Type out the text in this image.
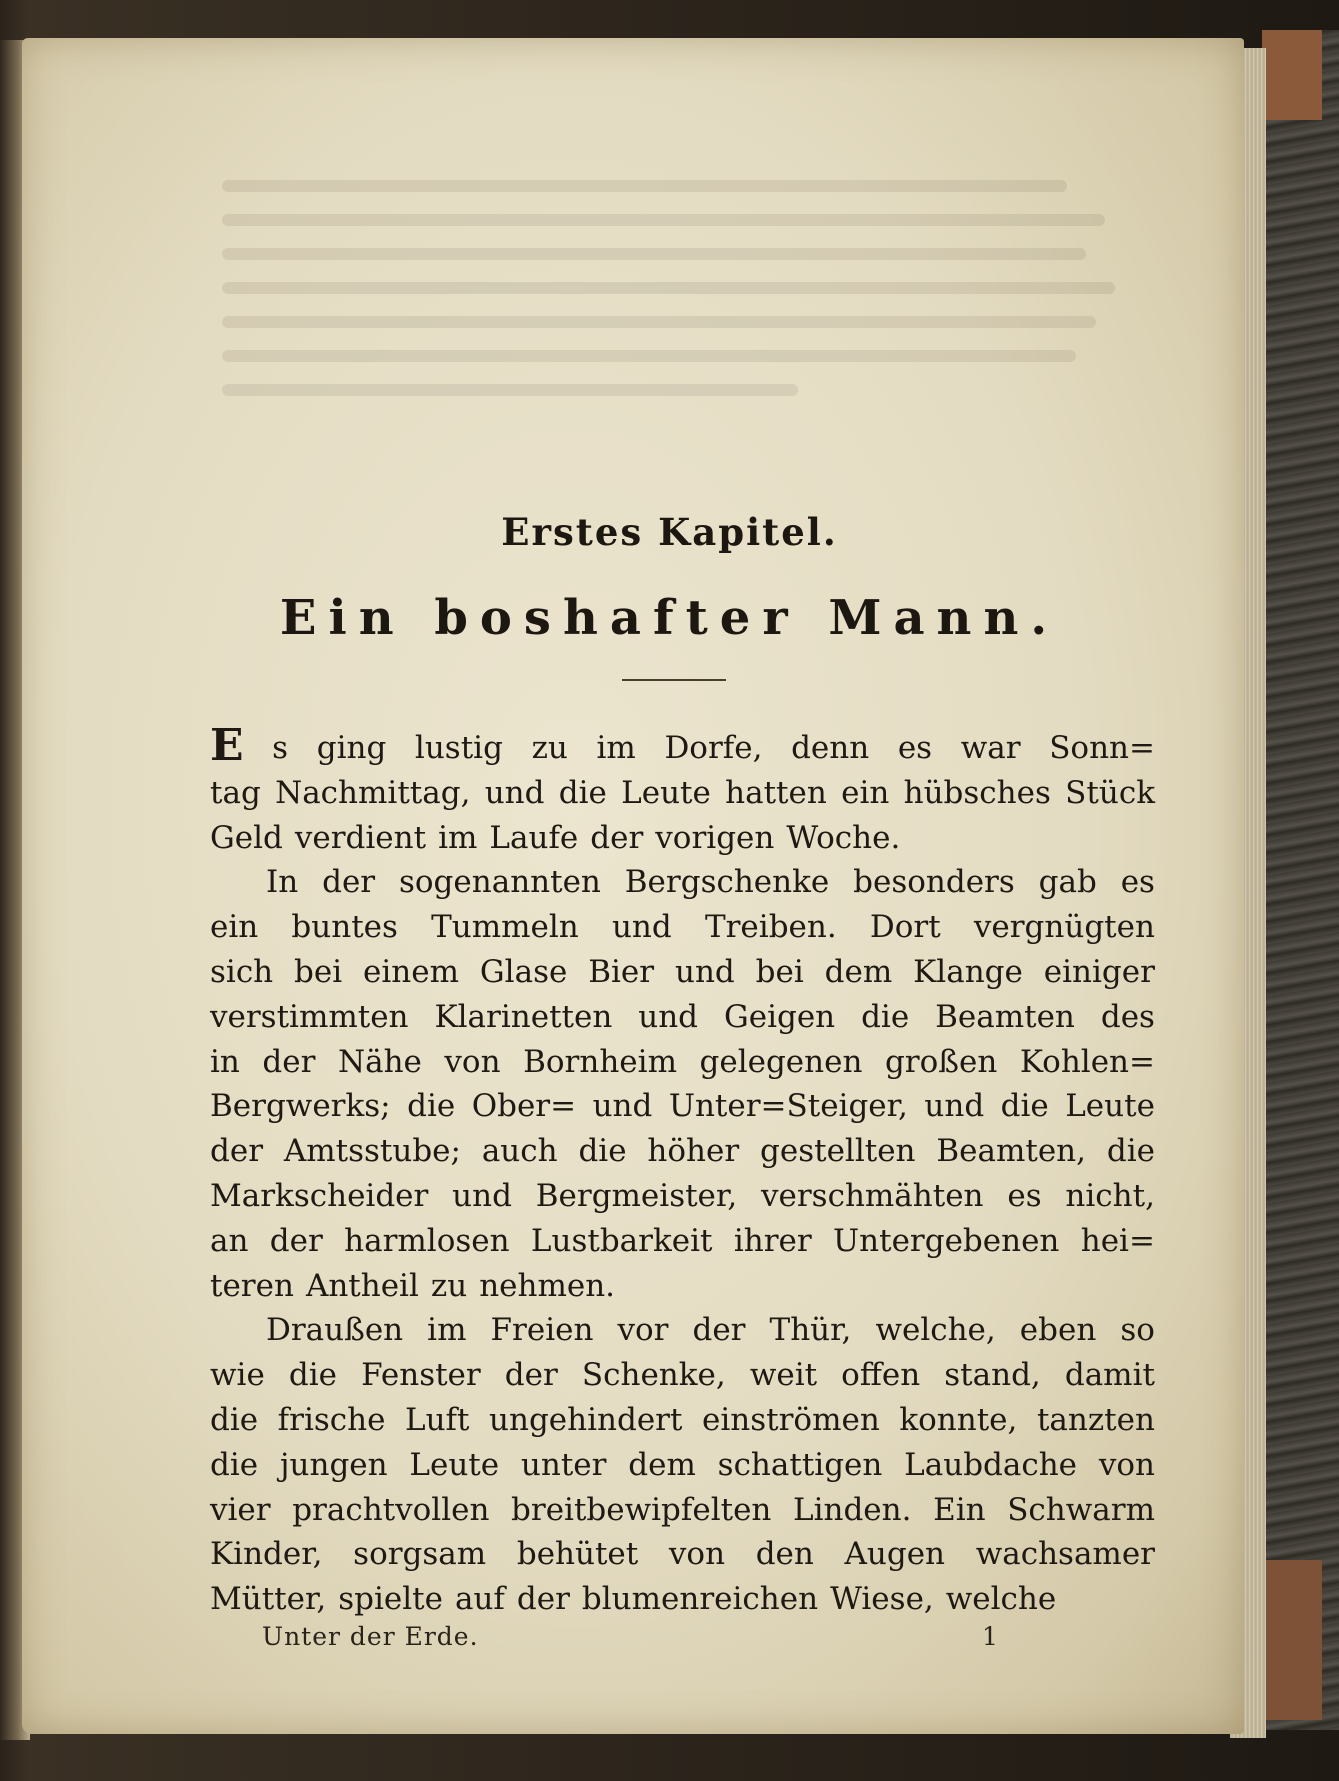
Erstes Kapitel.
Ein boshafter Mann.
E s ging lustig zu im Dorfe, denn es war Sonn=
tag Nachmittag, und die Leute hatten ein hübsches Stück
Geld verdient im Laufe der vorigen Woche.
In der sogenannten Bergschenke besonders gab es
ein buntes Tummeln und Treiben. Dort vergnügten
sich bei einem Glase Bier und bei dem Klange einiger
verstimmten Klarinetten und Geigen die Beamten des
in der Nähe von Bornheim gelegenen großen Kohlen=
Bergwerks; die Ober= und Unter=Steiger, und die Leute
der Amtsstube; auch die höher gestellten Beamten, die
Markscheider und Bergmeister, verschmähten es nicht,
an der harmlosen Lustbarkeit ihrer Untergebenen hei=
teren Antheil zu nehmen.
Draußen im Freien vor der Thür, welche, eben so
wie die Fenster der Schenke, weit offen stand, damit
die frische Luft ungehindert einströmen konnte, tanzten
die jungen Leute unter dem schattigen Laubdache von
vier prachtvollen breitbewipfelten Linden. Ein Schwarm
Kinder, sorgsam behütet von den Augen wachsamer
Mütter, spielte auf der blumenreichen Wiese, welche
Unter der Erde.	1
